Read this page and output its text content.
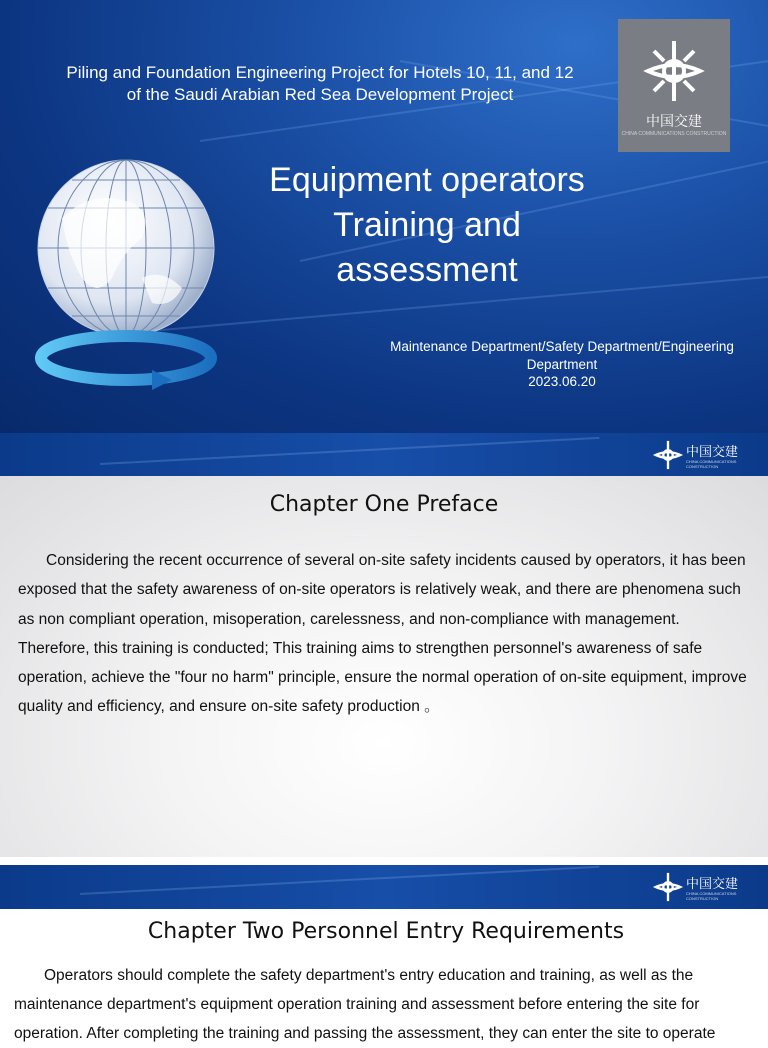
Piling and Foundation Engineering Project for Hotels 10, 11, and 12
of the Saudi Arabian Red Sea Development Project
中国交建
CHINA COMMUNICATIONS CONSTRUCTION
Equipment operators
Training and
assessment
Maintenance Department/Safety Department/Engineering
Department
2023.06.20
中国交建
CHINA COMMUNICATIONS CONSTRUCTION
Chapter One Preface
Considering the recent occurrence of several on-site safety incidents caused by operators, it has been exposed that the safety awareness of on-site operators is relatively weak, and there are phenomena such as non compliant operation, misoperation, carelessness, and non-compliance with management. Therefore, this training is conducted; This training aims to strengthen personnel's awareness of safe operation, achieve the "four no harm" principle, ensure the normal operation of on-site equipment, improve quality and efficiency, and ensure on-site safety production 。
中国交建
CHINA COMMUNICATIONS CONSTRUCTION
Chapter Two Personnel Entry Requirements
Operators should complete the safety department's entry education and training, as well as the maintenance department's equipment operation training and assessment before entering the site for operation. After completing the training and passing the assessment, they can enter the site to operate
